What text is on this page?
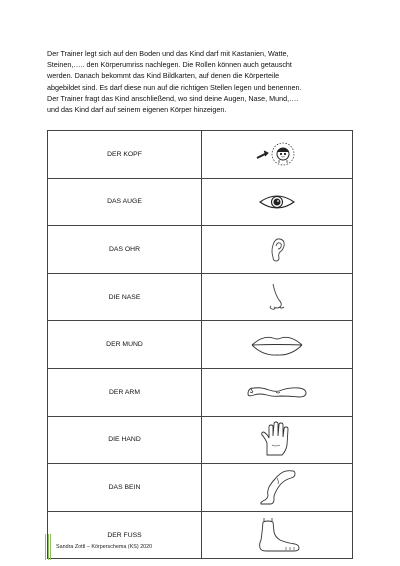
Der Trainer legt sich auf den Boden und das Kind darf mit Kastanien, Watte,

Steinen,….. den Körperumriss nachlegen. Die Rollen können auch getauscht

werden. Danach bekommt das Kind Bildkarten, auf denen die Körperteile

abgebildet sind. Es darf diese nun auf die richtigen Stellen legen und benennen.

Der Trainer fragt das Kind anschließend, wo sind deine Augen, Nase, Mund,….

und das Kind darf auf seinem eigenen Körper hinzeigen.

DER KOPF	

DAS AUGE	

DAS OHR	

DIE NASE	

DER MUND	

DER ARM	

DIE HAND	

DAS BEIN	

DER FUSS	
Sandra Zottl – Körperschema (KS) 2020
